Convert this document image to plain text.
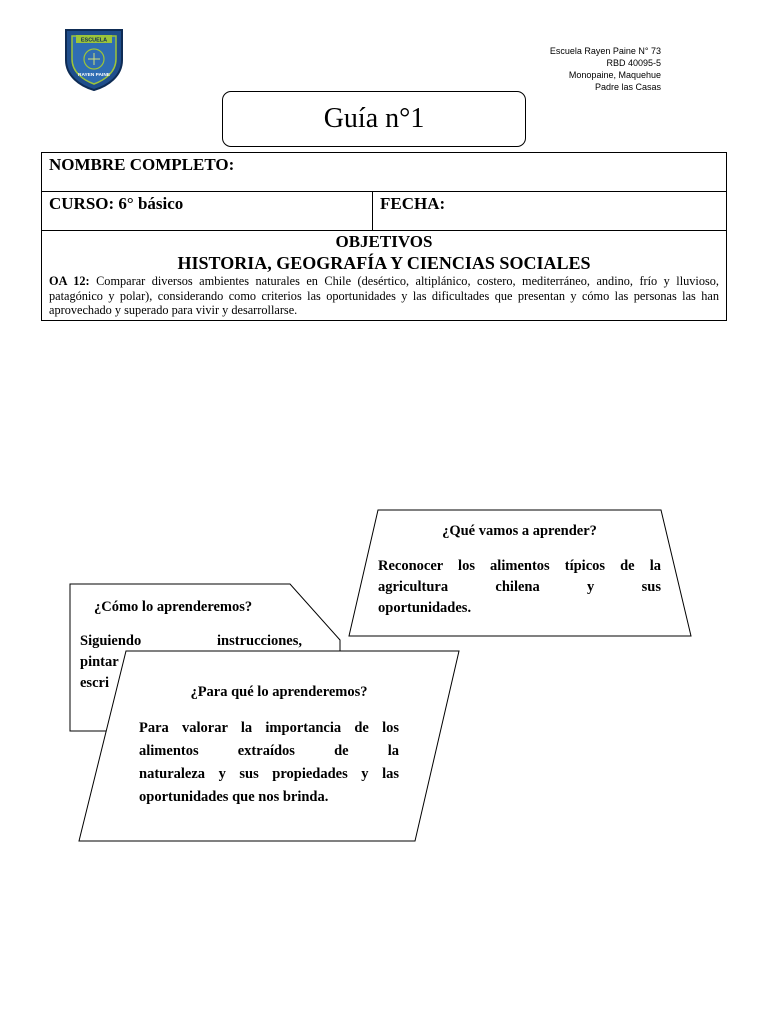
ESCUELA
RAYEN PAINE
Escuela Rayen Paine N° 73
RBD 40095-5
Monopaine, Maquehue
Padre las Casas
Guía n°1
NOMBRE COMPLETO:
CURSO: 6° básico	FECHA:
OBJETIVOS
HISTORIA, GEOGRAFÍA Y CIENCIAS SOCIALES
OA 12: Comparar diversos ambientes naturales en Chile (desértico, altiplánico, costero, mediterráneo, andino, frío y lluvioso, patagónico y polar), considerando como criterios las oportunidades y las dificultades que presentan y cómo las personas las han aprovechado y superado para vivir y desarrollarse.
¿Qué vamos a aprender?
Reconocer los alimentos típicos de la
agricultura chilena y sus
oportunidades.
¿Cómo lo aprenderemos?
Siguiendo instrucciones,
pintar
escri
¿Para qué lo aprenderemos?
Para valorar la importancia de los
alimentos extraídos de la
naturaleza y sus propiedades y las
oportunidades que nos brinda.
